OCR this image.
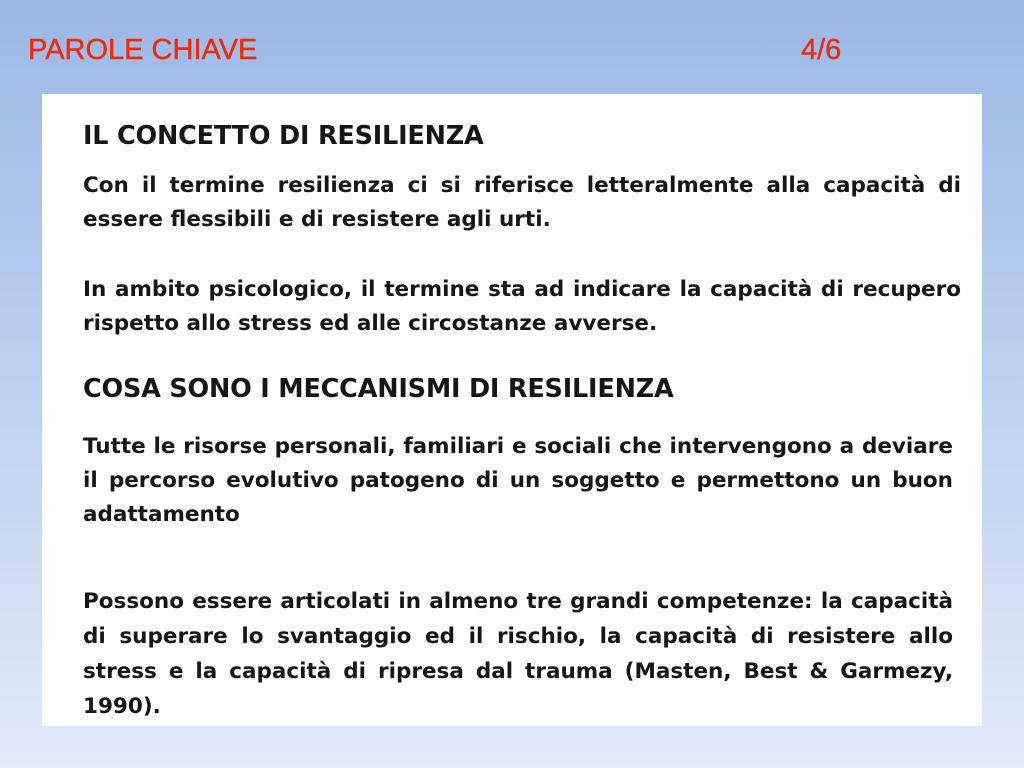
PAROLE CHIAVE	4/6
IL CONCETTO DI RESILIENZA

Con il termine resilienza ci si riferisce letteralmente alla capacità di essere flessibili e di resistere agli urti.

In ambito psicologico, il termine sta ad indicare la capacità di recupero rispetto allo stress ed alle circostanze avverse.

COSA SONO I MECCANISMI DI RESILIENZA

Tutte le risorse personali, familiari e sociali che intervengono a deviare il percorso evolutivo patogeno di un soggetto e permettono un buon adattamento

Possono essere articolati in almeno tre grandi competenze: la capacità di superare lo svantaggio ed il rischio, la capacità di resistere allo stress e la capacità di ripresa dal trauma (Masten, Best & Garmezy, 1990).
